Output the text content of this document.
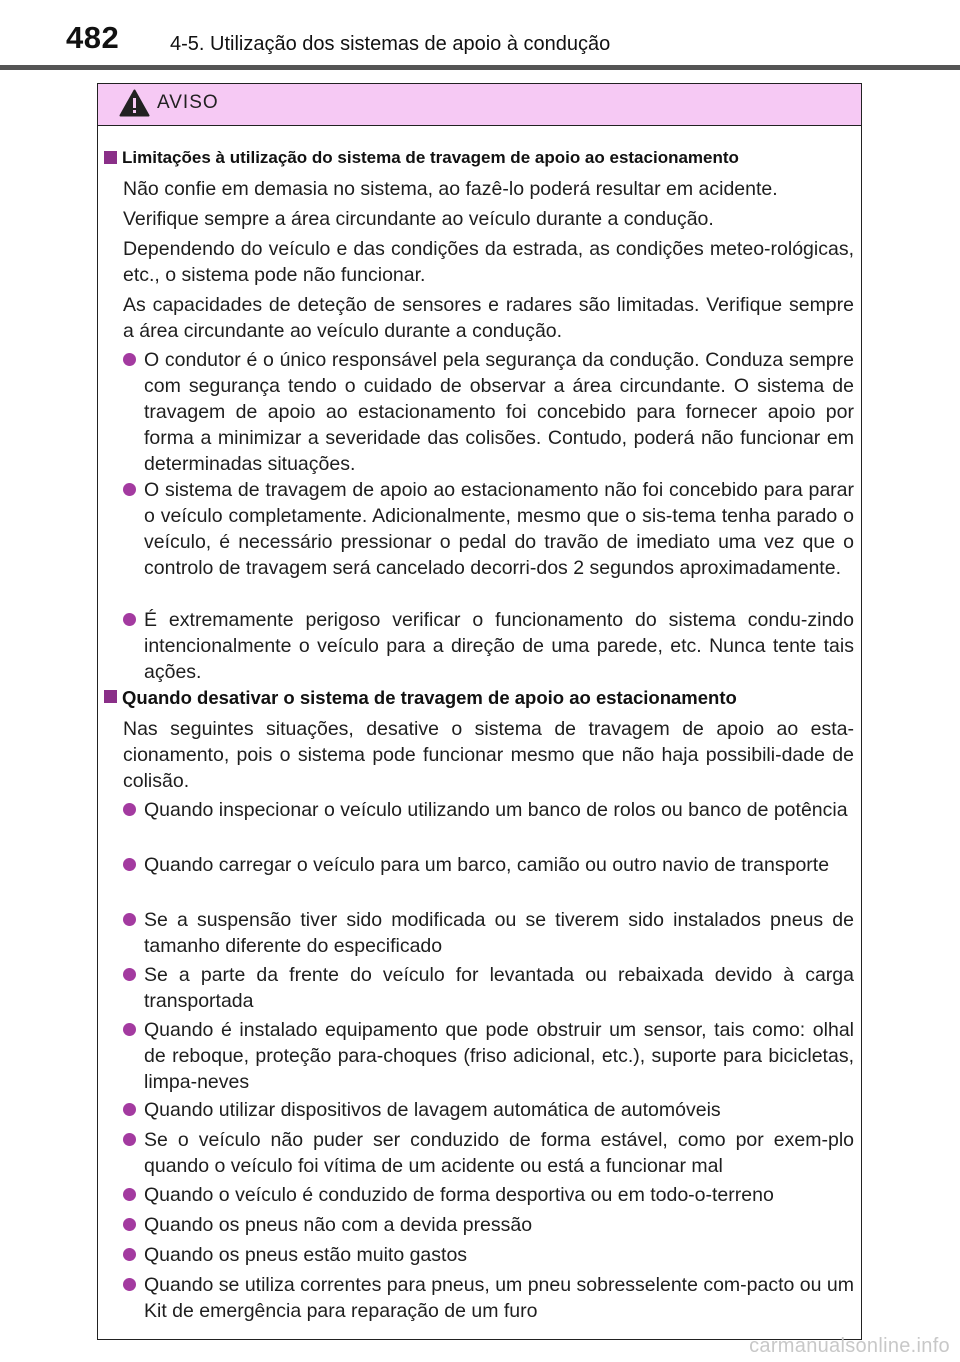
482	4-5. Utilização dos sistemas de apoio à condução
AVISO
Limitações à utilização do sistema de travagem de apoio ao estacionamento
Não confie em demasia no sistema, ao fazê-lo poderá resultar em acidente.
Verifique sempre a área circundante ao veículo durante a condução.
Dependendo do veículo e das condições da estrada, as condições meteo-rológicas, etc., o sistema pode não funcionar.
As capacidades de deteção de sensores e radares são limitadas. Verifique sempre a área circundante ao veículo durante a condução.
O condutor é o único responsável pela segurança da condução. Conduza sempre com segurança tendo o cuidado de observar a área circundante. O sistema de travagem de apoio ao estacionamento foi concebido para fornecer apoio por forma a minimizar a severidade das colisões. Contudo, poderá não funcionar em determinadas situações.
O sistema de travagem de apoio ao estacionamento não foi concebido para parar o veículo completamente. Adicionalmente, mesmo que o sis-tema tenha parado o veículo, é necessário pressionar o pedal do travão de imediato uma vez que o controlo de travagem será cancelado decorri-dos 2 segundos aproximadamente.
É extremamente perigoso verificar o funcionamento do sistema condu-zindo intencionalmente o veículo para a direção de uma parede, etc. Nunca tente tais ações.
Quando desativar o sistema de travagem de apoio ao estacionamento
Nas seguintes situações, desative o sistema de travagem de apoio ao esta-cionamento, pois o sistema pode funcionar mesmo que não haja possibili-dade de colisão.
Quando inspecionar o veículo utilizando um banco de rolos ou banco de potência
Quando carregar o veículo para um barco, camião ou outro navio de transporte
Se a suspensão tiver sido modificada ou se tiverem sido instalados pneus de tamanho diferente do especificado
Se a parte da frente do veículo for levantada ou rebaixada devido à carga transportada
Quando é instalado equipamento que pode obstruir um sensor, tais como: olhal de reboque, proteção para-choques (friso adicional, etc.), suporte para bicicletas, limpa-neves
Quando utilizar dispositivos de lavagem automática de automóveis
Se o veículo não puder ser conduzido de forma estável, como por exem-plo quando o veículo foi vítima de um acidente ou está a funcionar mal
Quando o veículo é conduzido de forma desportiva ou em todo-o-terreno
Quando os pneus não com a devida pressão
Quando os pneus estão muito gastos
Quando se utiliza correntes para pneus, um pneu sobresselente com-pacto ou um Kit de emergência para reparação de um furo
carmanualsonline.info
